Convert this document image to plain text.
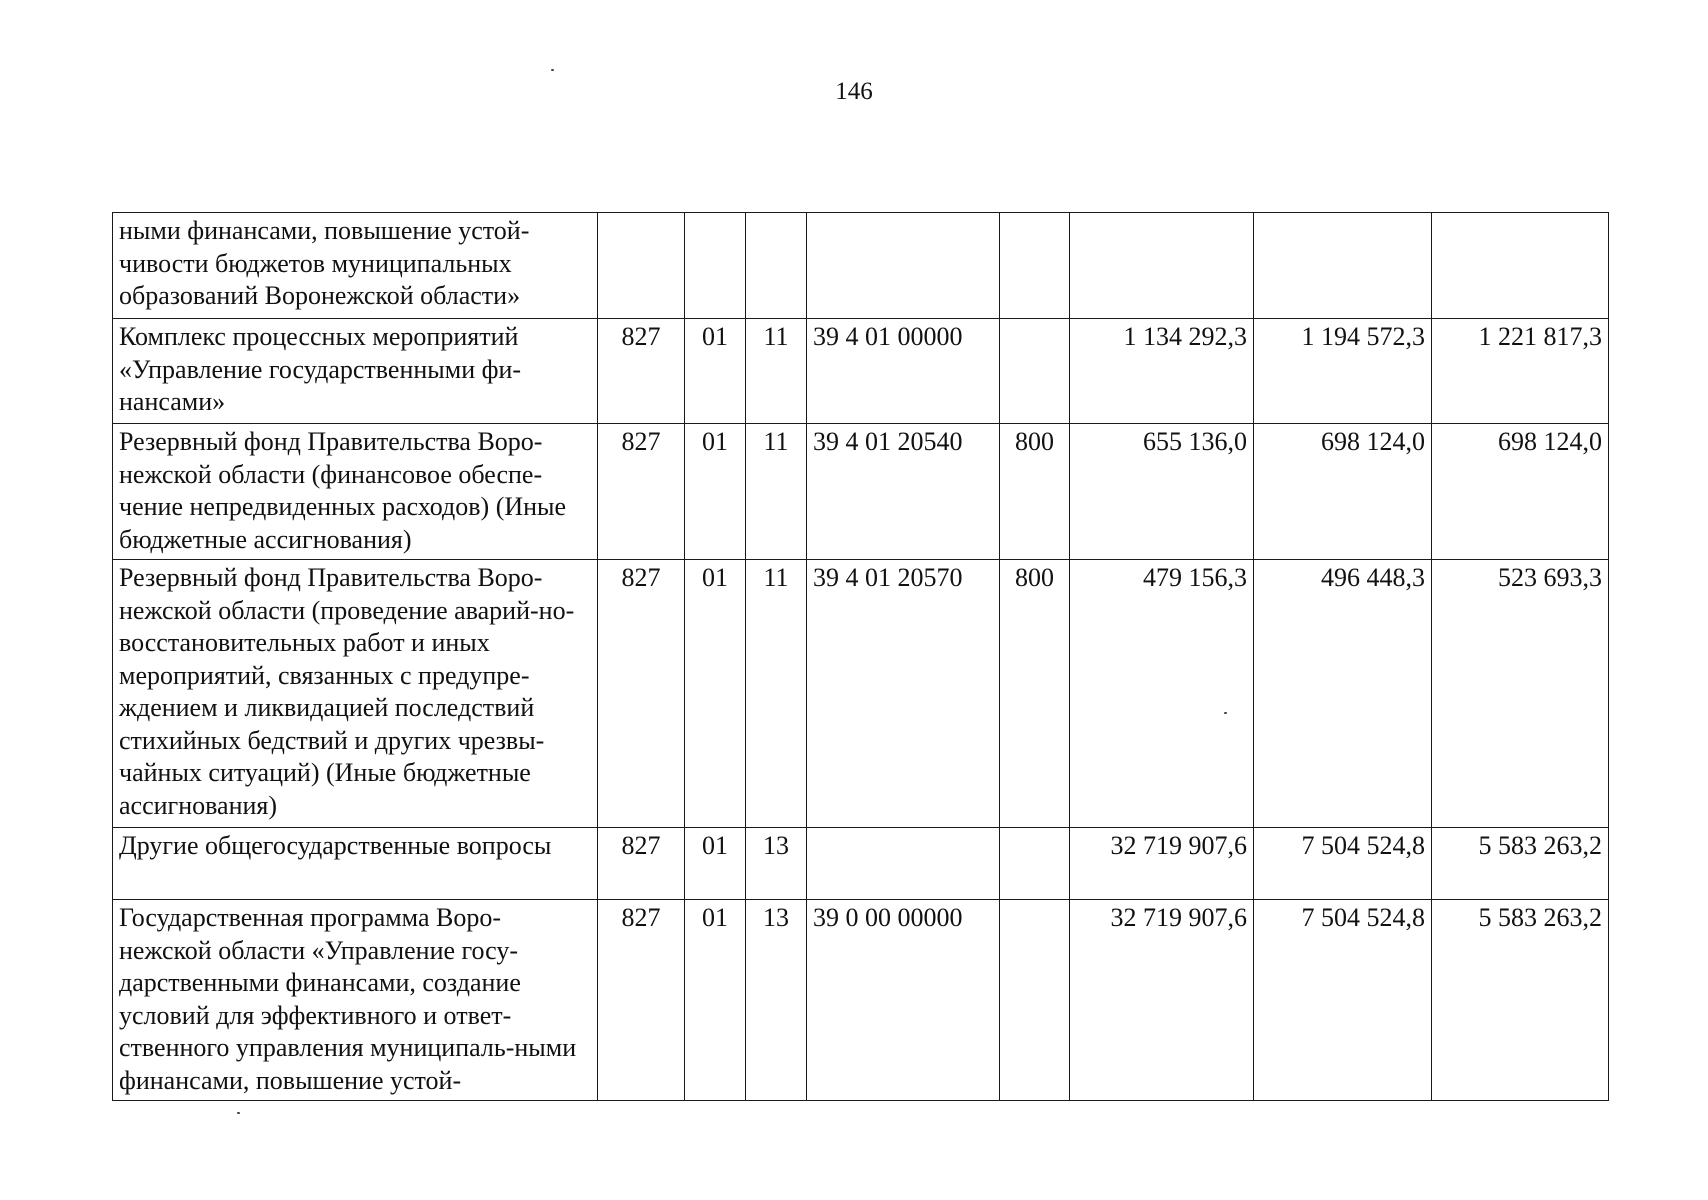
146
ными финансами, повышение устой-чивости бюджетов муниципальных образований Воронежской области»								
Комплекс процессных мероприятий «Управление государственными фи-нансами»	827	01	11	39 4 01 00000		1 134 292,3	1 194 572,3	1 221 817,3
Резервный фонд Правительства Воро-нежской области (финансовое обеспе-чение непредвиденных расходов) (Иные бюджетные ассигнования)	827	01	11	39 4 01 20540	800	655 136,0	698 124,0	698 124,0
Резервный фонд Правительства Воро-нежской области (проведение аварий-но-восстановительных работ и иных мероприятий, связанных с предупре-ждением и ликвидацией последствий стихийных бедствий и других чрезвы-чайных ситуаций) (Иные бюджетные ассигнования)	827	01	11	39 4 01 20570	800	479 156,3	496 448,3	523 693,3
Другие общегосударственные вопросы	827	01	13			32 719 907,6	7 504 524,8	5 583 263,2
Государственная программа Воро-нежской области «Управление госу-дарственными финансами, создание условий для эффективного и ответ-ственного управления муниципаль-ными финансами, повышение устой-	827	01	13	39 0 00 00000		32 719 907,6	7 504 524,8	5 583 263,2
